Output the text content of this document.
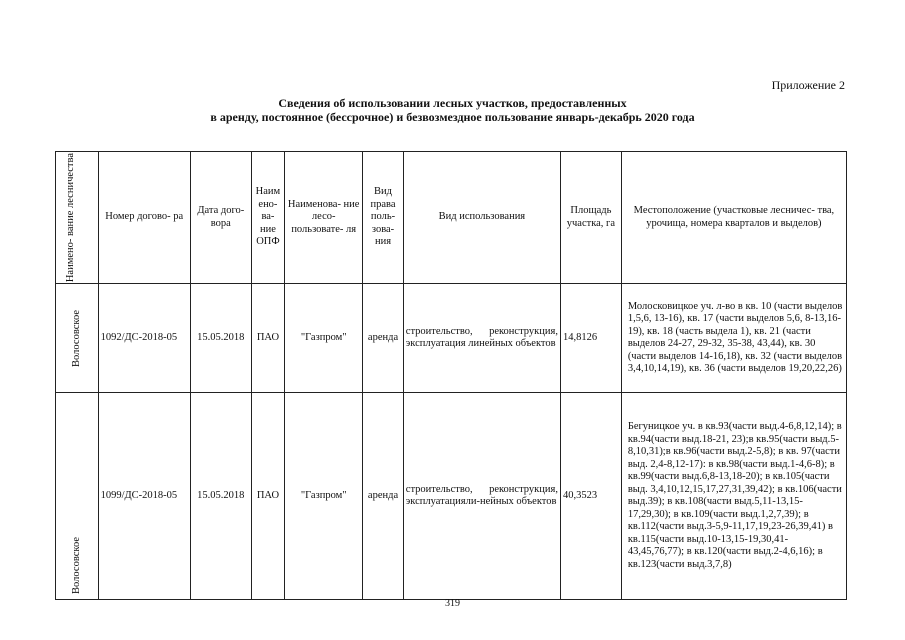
Приложение 2
Сведения об использовании лесных участков, предоставленных
в аренду, постоянное (бессрочное) и безвозмездное пользование январь-декабрь 2020 года
Наимено- вание лесничества	Номер догово- ра	Дата дого- вора	Наим ено- ва- ние ОПФ	Наименова- ние лесо- пользовате- ля	Вид права поль- зова- ния	Вид использования	Площадь участка, га	Местоположение (участковые лесничес- тва, урочища, номера кварталов и выделов)

Волосовское	1092/ДС-2018-05	15.05.2018	ПАО	"Газпром"	аренда	строительство, реконструкция, эксплуатация линейных объектов	14,8126	Молосковицкое уч. л-во в кв. 10 (части выделов 1,5,6, 13-16), кв. 17 (части выделов 5,6, 8-13,16-19), кв. 18 (часть выдела 1), кв. 21 (части выделов 24-27, 29-32, 35-38, 43,44), кв. 30 (части выделов 14-16,18), кв. 32 (части выделов 3,4,10,14,19), кв. 36 (части выделов 19,20,22,26)

Волосовское	1099/ДС-2018-05	15.05.2018	ПАО	"Газпром"	аренда	строительство, реконструкция, эксплуатацияли-нейных объектов	40,3523	Бегуницкое уч. в кв.93(части выд.4-6,8,12,14); в кв.94(части выд.18-21, 23);в кв.95(части выд.5-8,10,31);в кв.96(части выд.2-5,8); в кв. 97(части выд. 2,4-8,12-17): в кв.98(части выд.1-4,6-8); в кв.99(части выд.6,8-13,18-20); в кв.105(части выд. 3,4,10,12,15,17,27,31,39,42); в кв.106(части выд.39); в кв.108(части выд.5,11-13,15-17,29,30); в кв.109(части выд.1,2,7,39); в кв.112(части выд.3-5,9-11,17,19,23-26,39,41) в кв.115(части выд.10-13,15-19,30,41-43,45,76,77); в кв.120(части выд.2-4,6,16); в кв.123(части выд.3,7,8)
319
